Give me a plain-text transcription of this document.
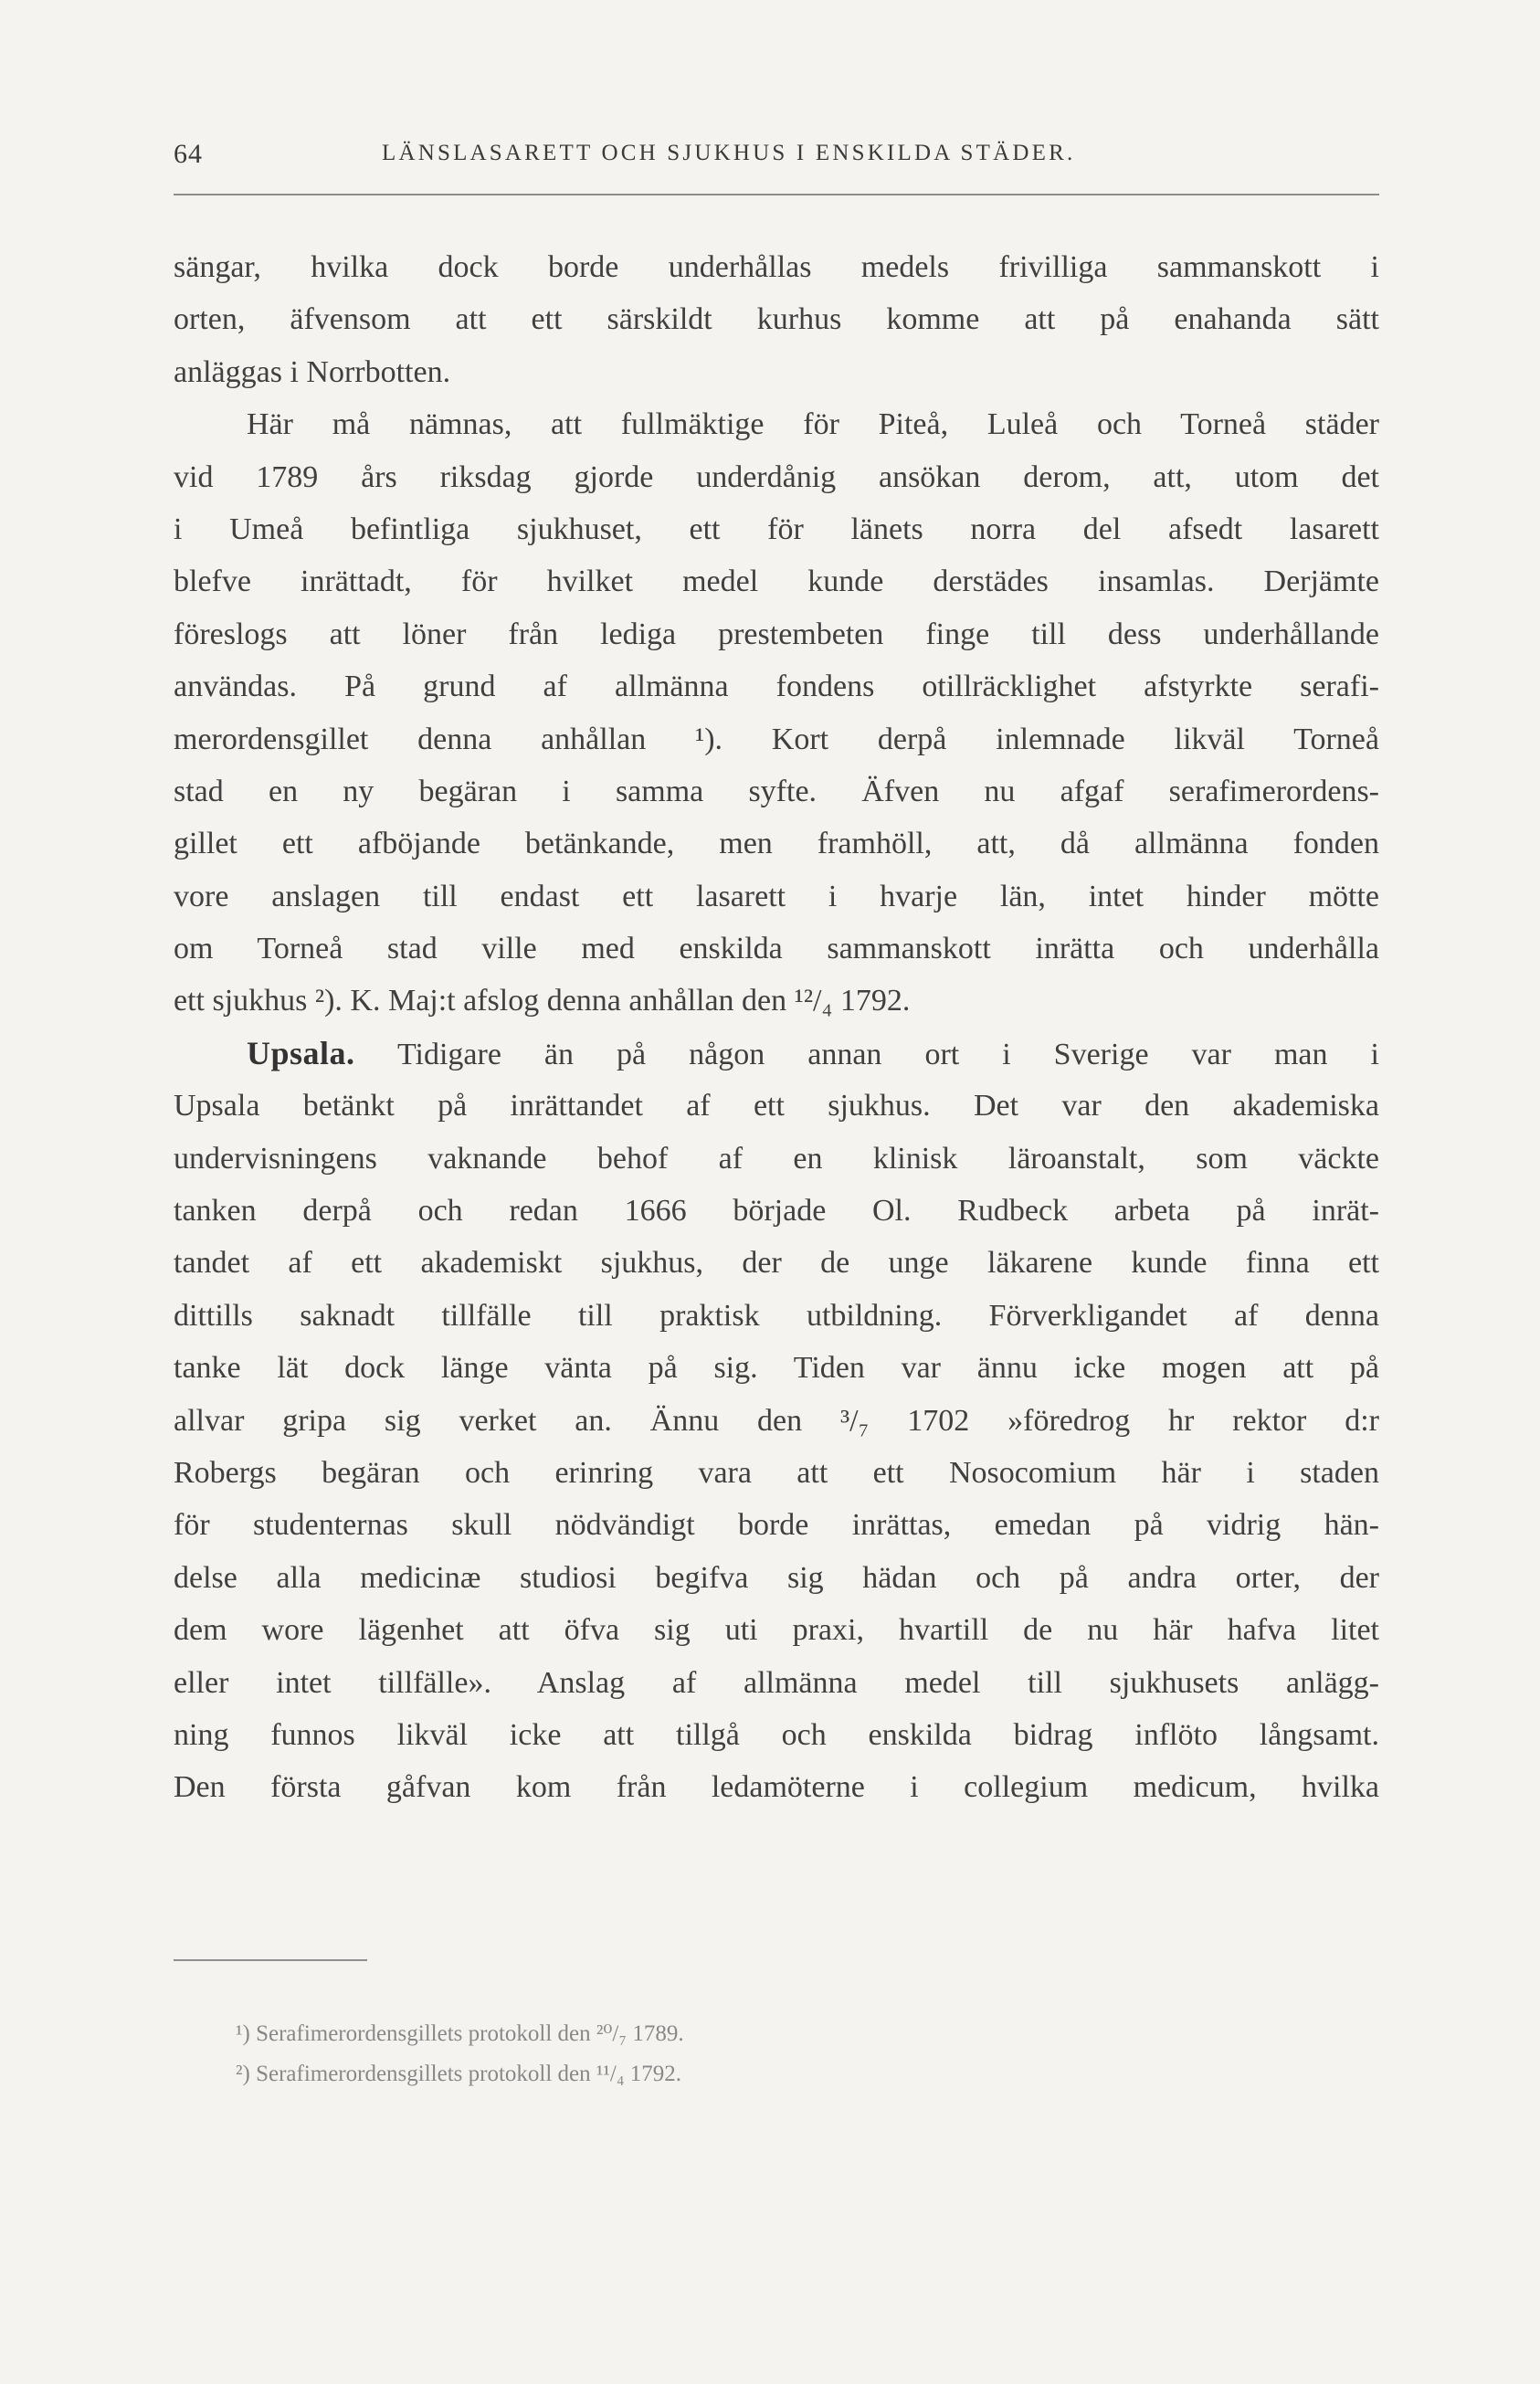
64	LÄNSLASARETT OCH SJUKHUS I ENSKILDA STÄDER.
sängar, hvilka dock borde underhållas medels frivilliga sammanskott i
orten, äfvensom att ett särskildt kurhus komme att på enahanda sätt
anläggas i Norrbotten.
Här må nämnas, att fullmäktige för Piteå, Luleå och Torneå städer
vid 1789 års riksdag gjorde underdånig ansökan derom, att, utom det
i Umeå befintliga sjukhuset, ett för länets norra del afsedt lasarett
blefve inrättadt, för hvilket medel kunde derstädes insamlas. Derjämte
föreslogs att löner från lediga prestembeten finge till dess underhållande
användas. På grund af allmänna fondens otillräcklighet afstyrkte serafi-
merordensgillet denna anhållan ¹). Kort derpå inlemnade likväl Torneå
stad en ny begäran i samma syfte. Äfven nu afgaf serafimerordens-
gillet ett afböjande betänkande, men framhöll, att, då allmänna fonden
vore anslagen till endast ett lasarett i hvarje län, intet hinder mötte
om Torneå stad ville med enskilda sammanskott inrätta och underhålla
ett sjukhus ²). K. Maj:t afslog denna anhållan den ¹²/₄ 1792.
Upsala. Tidigare än på någon annan ort i Sverige var man i
Upsala betänkt på inrättandet af ett sjukhus. Det var den akademiska
undervisningens vaknande behof af en klinisk läroanstalt, som väckte
tanken derpå och redan 1666 började Ol. Rudbeck arbeta på inrät-
tandet af ett akademiskt sjukhus, der de unge läkarene kunde finna ett
dittills saknadt tillfälle till praktisk utbildning. Förverkligandet af denna
tanke lät dock länge vänta på sig. Tiden var ännu icke mogen att på
allvar gripa sig verket an. Ännu den ³/₇ 1702 »föredrog hr rektor d:r
Robergs begäran och erinring vara att ett Nosocomium här i staden
för studenternas skull nödvändigt borde inrättas, emedan på vidrig hän-
delse alla medicinæ studiosi begifva sig hädan och på andra orter, der
dem wore lägenhet att öfva sig uti praxi, hvartill de nu här hafva litet
eller intet tillfälle». Anslag af allmänna medel till sjukhusets anlägg-
ning funnos likväl icke att tillgå och enskilda bidrag inflöto långsamt.
Den första gåfvan kom från ledamöterne i collegium medicum, hvilka
¹) Serafimerordensgillets protokoll den ²⁰/₇ 1789.
²) Serafimerordensgillets protokoll den ¹¹/₄ 1792.
